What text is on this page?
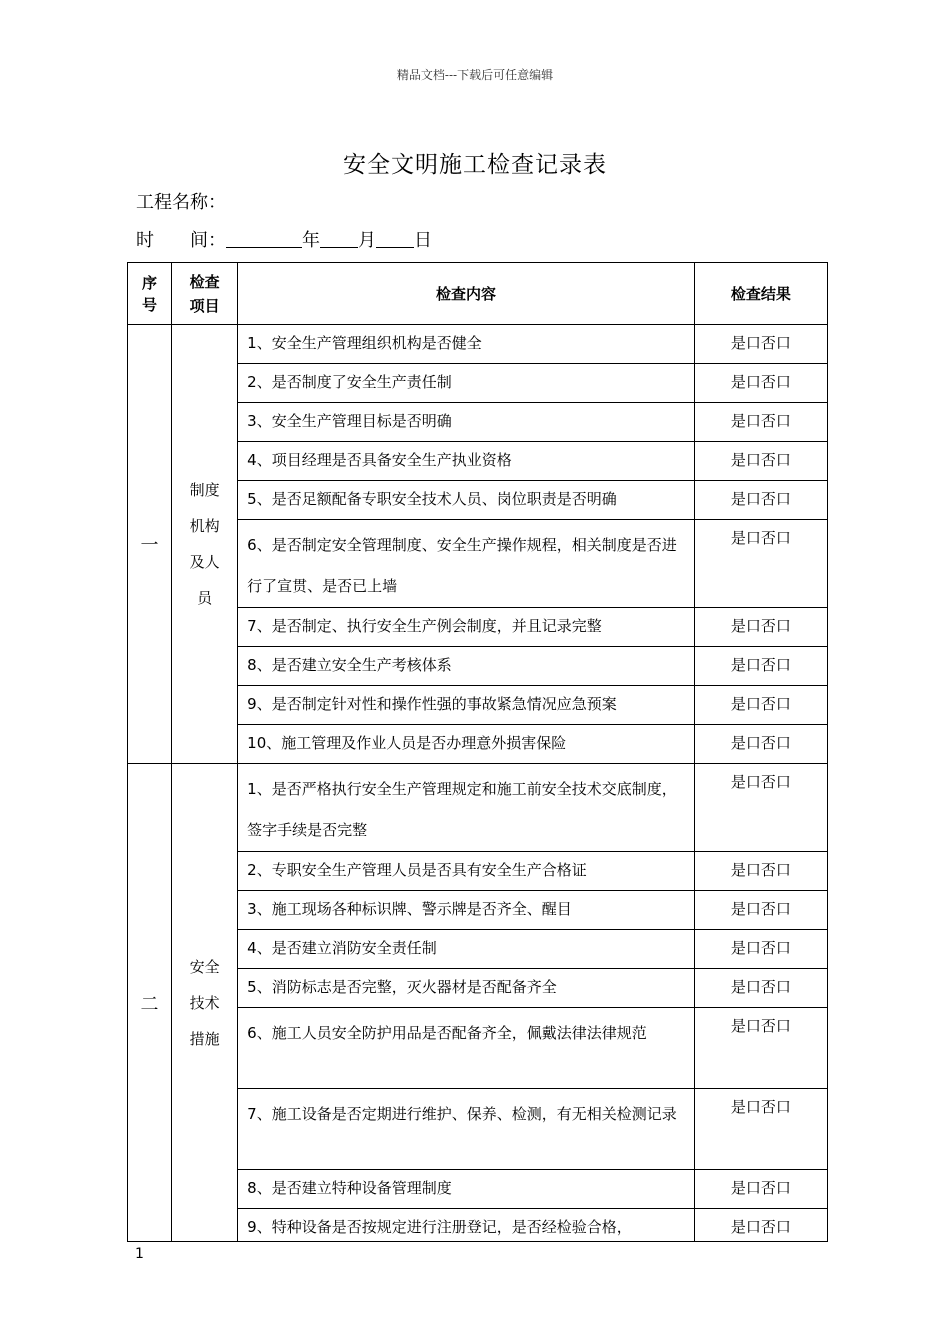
精品文档---下载后可任意编辑
安全文明施工检查记录表
工程名称：
时　　间：	年 月 日
序号	检查项目	检查内容	检查结果
一	制度机构及人员	1、安全生产管理组织机构是否健全	是口否口
		2、是否制度了安全生产责任制	是口否口
		3、安全生产管理目标是否明确	是口否口
		4、项目经理是否具备安全生产执业资格	是口否口
		5、是否足额配备专职安全技术人员、岗位职责是否明确	是口否口
		6、是否制定安全管理制度、安全生产操作规程，相关制度是否进行了宣贯、是否已上墙	是口否口
		7、是否制定、执行安全生产例会制度，并且记录完整	是口否口
		8、是否建立安全生产考核体系	是口否口
		9、是否制定针对性和操作性强的事故紧急情况应急预案	是口否口
		10、施工管理及作业人员是否办理意外损害保险	是口否口
二	安全技术措施	1、是否严格执行安全生产管理规定和施工前安全技术交底制度，签字手续是否完整	是口否口
		2、专职安全生产管理人员是否具有安全生产合格证	是口否口
		3、施工现场各种标识牌、警示牌是否齐全、醒目	是口否口
		4、是否建立消防安全责任制	是口否口
		5、消防标志是否完整，灭火器材是否配备齐全	是口否口
		6、施工人员安全防护用品是否配备齐全，佩戴法律法律规范	是口否口
		7、施工设备是否定期进行维护、保养、检测，有无相关检测记录	是口否口
		8、是否建立特种设备管理制度	是口否口
		9、特种设备是否按规定进行注册登记，是否经检验合格，	是口否口
1
